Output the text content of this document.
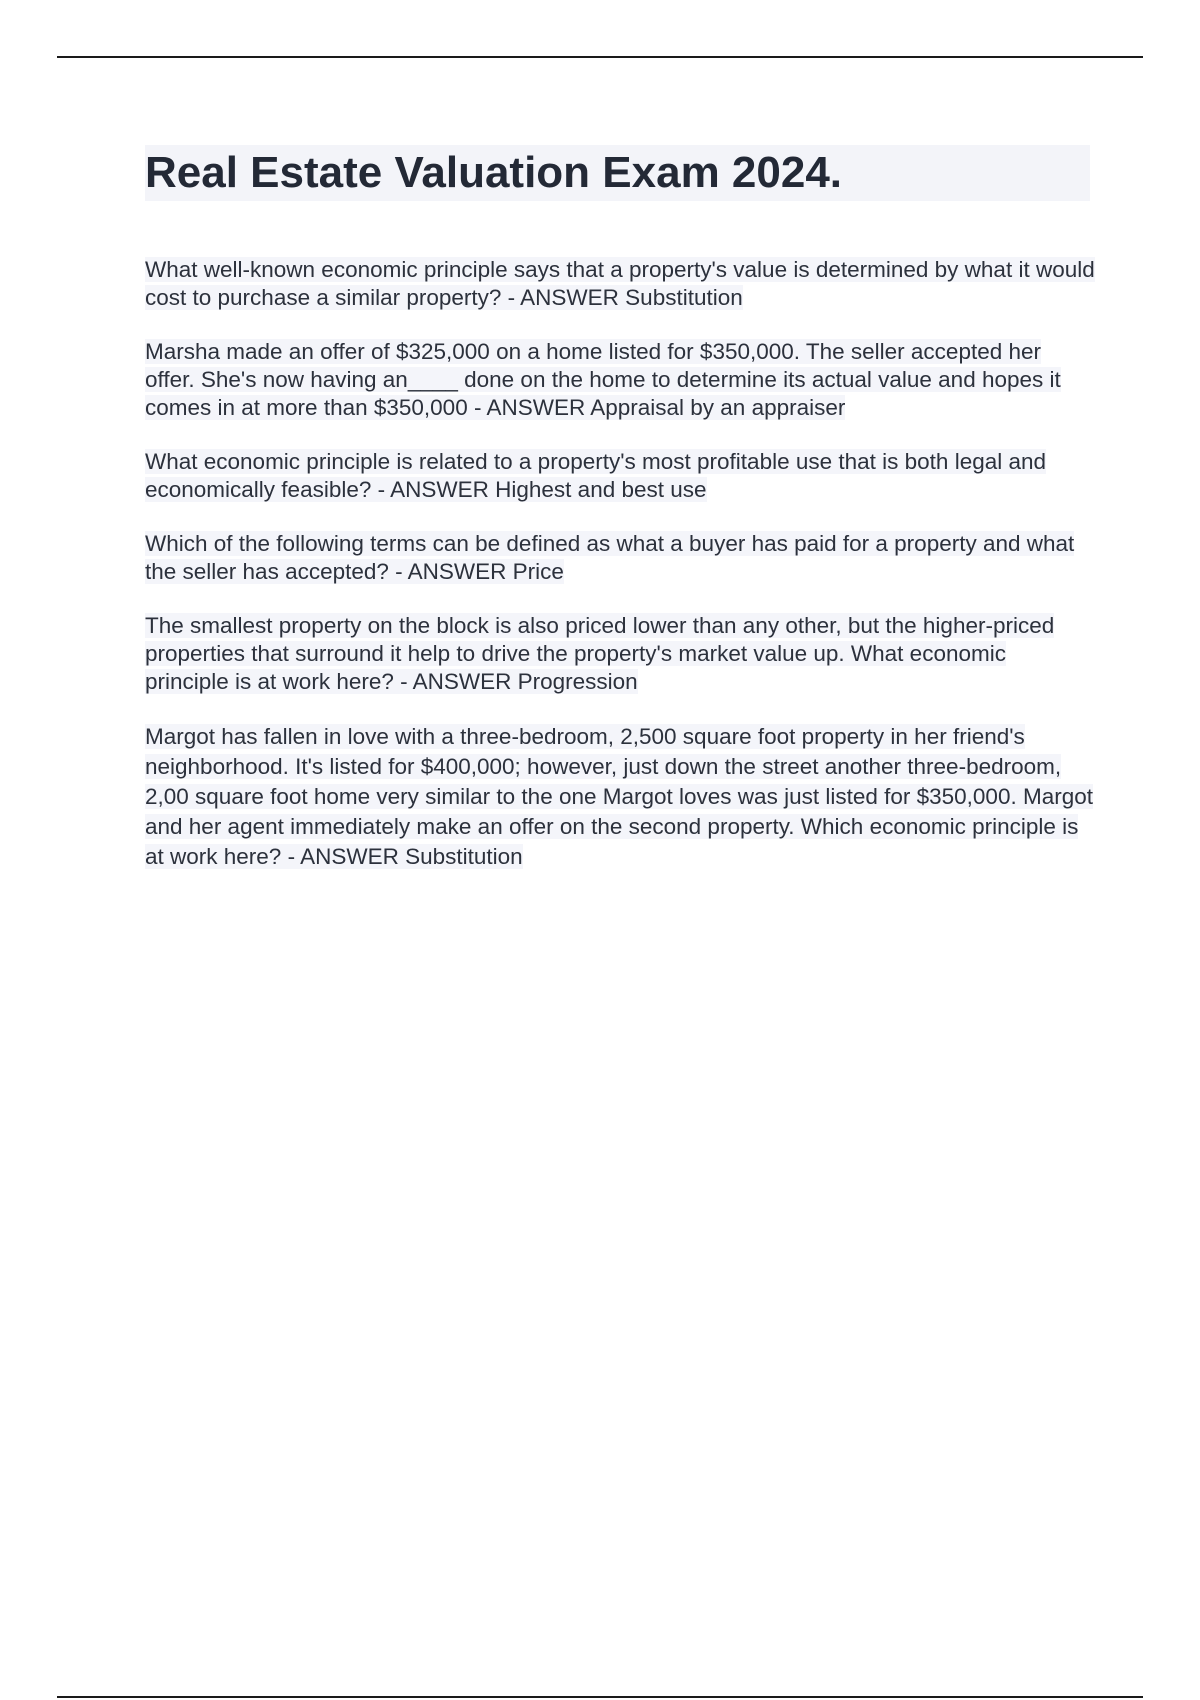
Real Estate Valuation Exam 2024.

What well-known economic principle says that a property's value is determined by what it would cost to purchase a similar property? - ANSWER Substitution

Marsha made an offer of $325,000 on a home listed for $350,000. The seller accepted her offer. She's now having an____ done on the home to determine its actual value and hopes it comes in at more than $350,000 - ANSWER Appraisal by an appraiser

What economic principle is related to a property's most profitable use that is both legal and economically feasible? - ANSWER Highest and best use

Which of the following terms can be defined as what a buyer has paid for a property and what the seller has accepted? - ANSWER Price

The smallest property on the block is also priced lower than any other, but the higher-priced properties that surround it help to drive the property's market value up. What economic principle is at work here? - ANSWER Progression

Margot has fallen in love with a three-bedroom, 2,500 square foot property in her friend's neighborhood. It's listed for $400,000; however, just down the street another three-bedroom, 2,00 square foot home very similar to the one Margot loves was just listed for $350,000. Margot and her agent immediately make an offer on the second property. Which economic principle is at work here? - ANSWER Substitution
